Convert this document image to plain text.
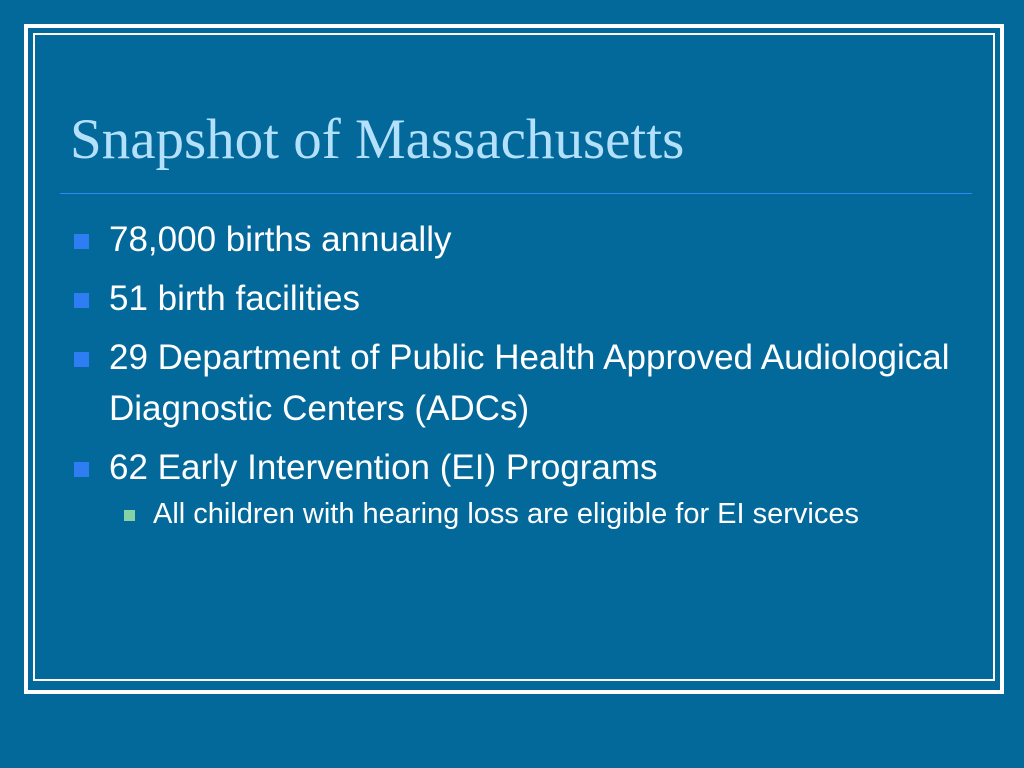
Snapshot of Massachusetts
78,000 births annually
51 birth facilities
29 Department of Public Health Approved Audiological Diagnostic Centers (ADCs)
62 Early Intervention (EI) Programs
All children with hearing loss are eligible for EI services
